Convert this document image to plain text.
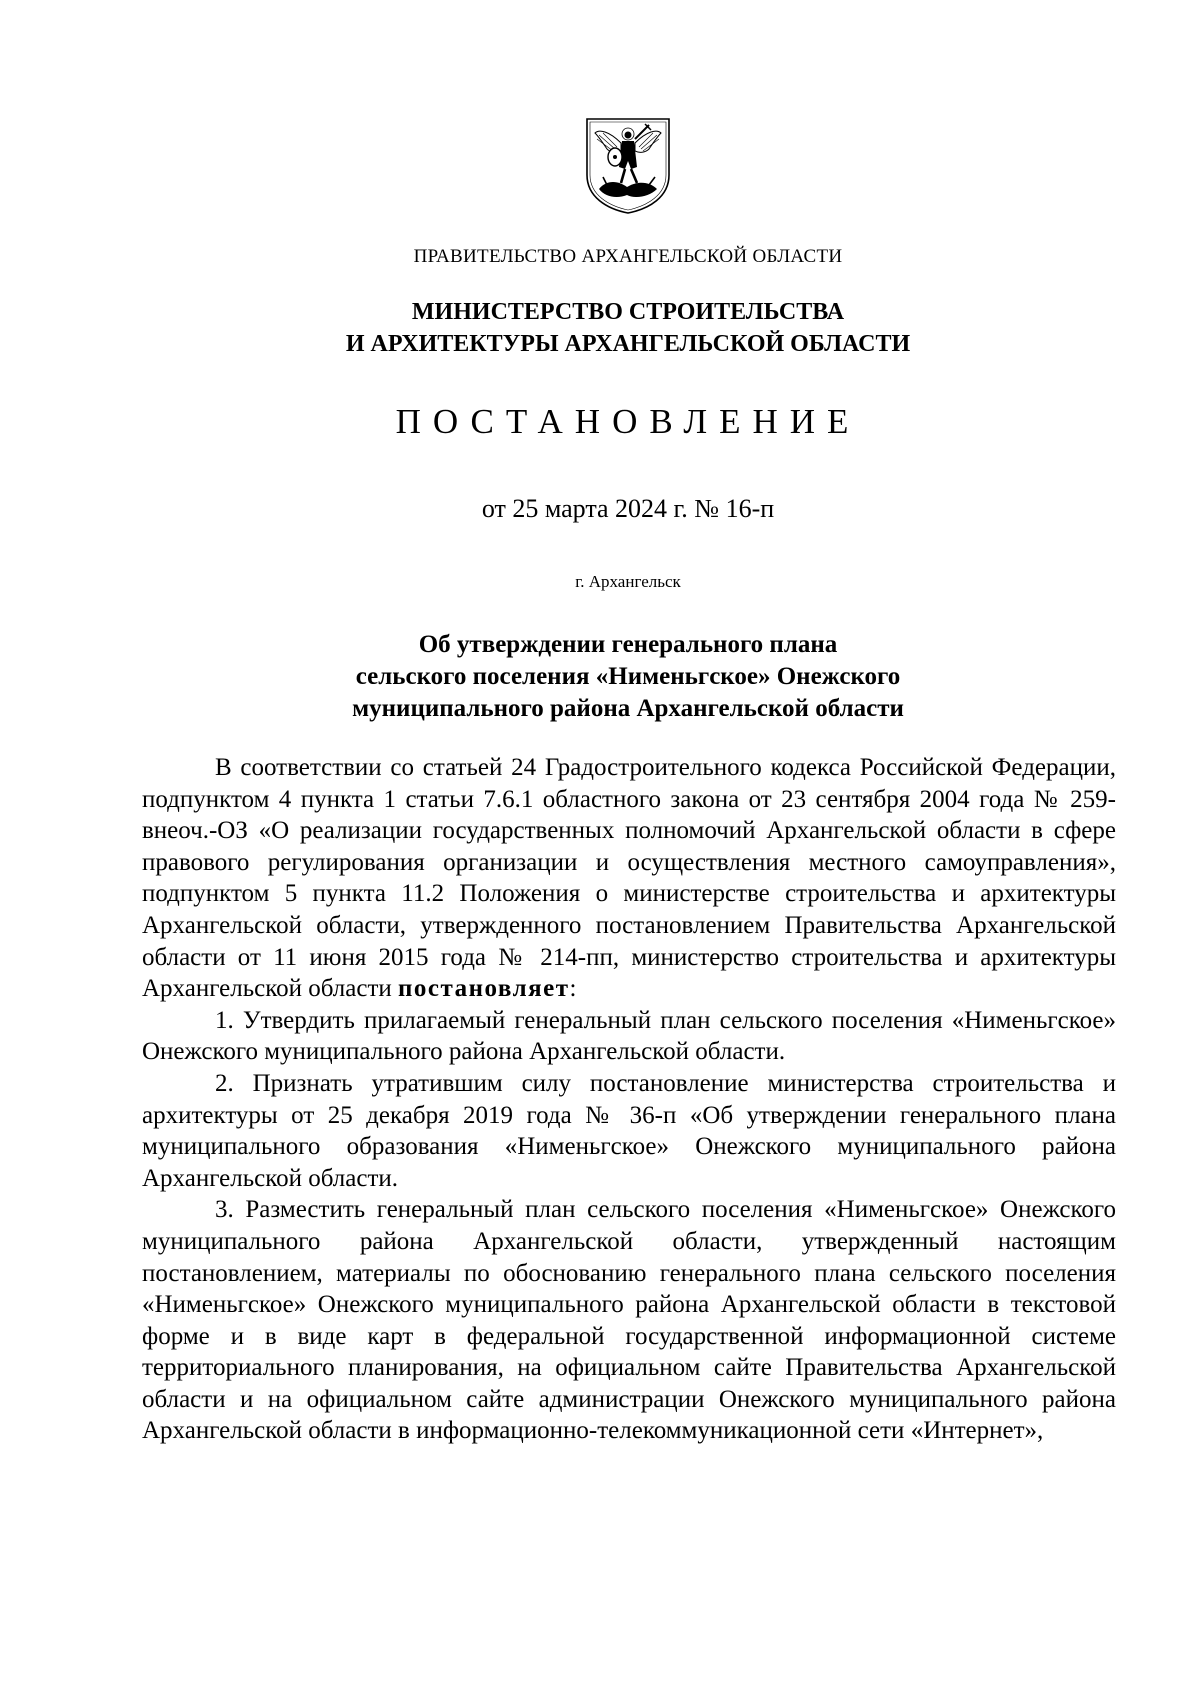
ПРАВИТЕЛЬСТВО АРХАНГЕЛЬСКОЙ ОБЛАСТИ
МИНИСТЕРСТВО СТРОИТЕЛЬСТВА
И АРХИТЕКТУРЫ АРХАНГЕЛЬСКОЙ ОБЛАСТИ
ПОСТАНОВЛЕНИЕ
от 25 марта 2024 г. № 16-п
г. Архангельск
Об утверждении генерального плана
сельского поселения «Нименьгское» Онежского
муниципального района Архангельской области

В соответствии со статьей 24 Градостроительного кодекса Российской Федерации, подпунктом 4 пункта 1 статьи 7.6.1 областного закона от 23 сентября 2004 года № 259-внеоч.-ОЗ «О реализации государственных полномочий Архангельской области в сфере правового регулирования организации и осуществления местного самоуправления», подпунктом 5 пункта 11.2 Положения о министерстве строительства и архитектуры Архангельской области, утвержденного постановлением Правительства Архангельской области от 11 июня 2015 года № 214-пп, министерство строительства и архитектуры Архангельской области постановляет:

1. Утвердить прилагаемый генеральный план сельского поселения «Нименьгское» Онежского муниципального района Архангельской области.

2. Признать утратившим силу постановление министерства строительства и архитектуры от 25 декабря 2019 года № 36-п «Об утверждении генерального плана муниципального образования «Нименьгское» Онежского муниципального района Архангельской области.

3. Разместить генеральный план сельского поселения «Нименьгское» Онежского муниципального района Архангельской области, утвержденный настоящим постановлением, материалы по обоснованию генерального плана сельского поселения «Нименьгское» Онежского муниципального района Архангельской области в текстовой форме и в виде карт в федеральной государственной информационной системе территориального планирования, на официальном сайте Правительства Архангельской области и на официальном сайте администрации Онежского муниципального района Архангельской области в информационно-телекоммуникационной сети «Интернет»,
